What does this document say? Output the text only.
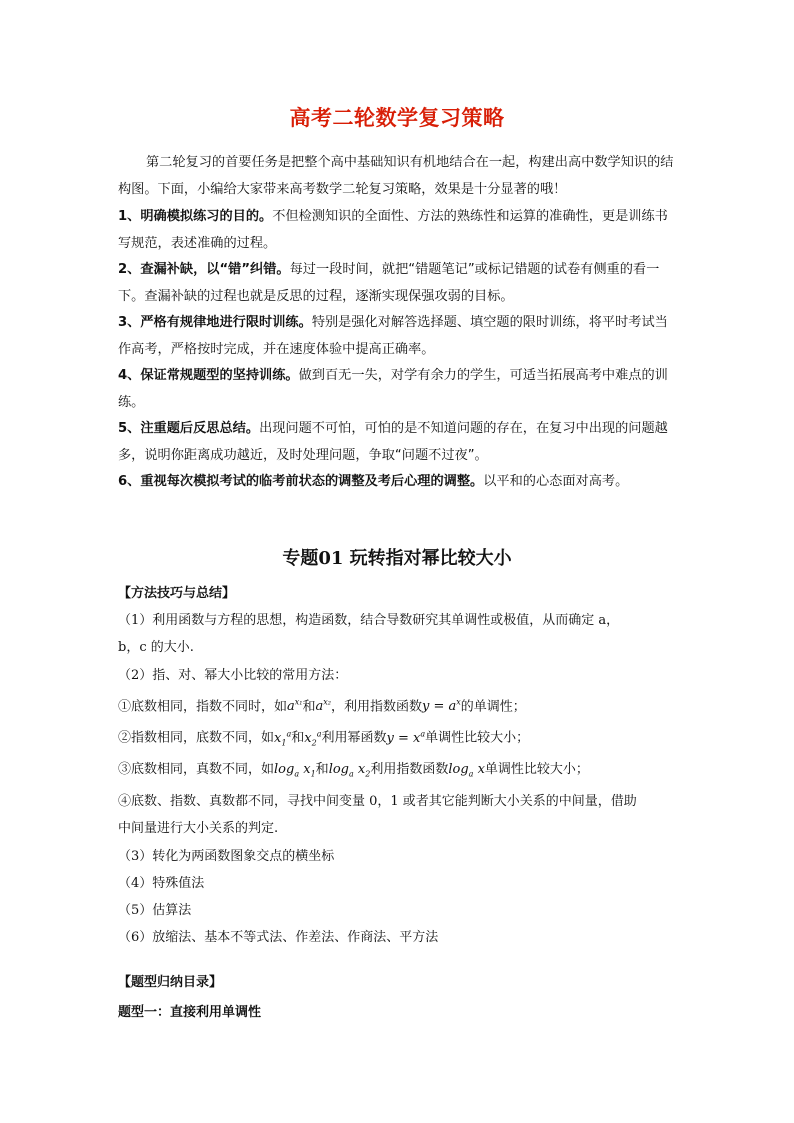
高考二轮数学复习策略

第二轮复习的首要任务是把整个高中基础知识有机地结合在一起，构建出高中数学知识的结构图。下面，小编给大家带来高考数学二轮复习策略，效果是十分显著的哦！

1、明确模拟练习的目的。不但检测知识的全面性、方法的熟练性和运算的准确性，更是训练书写规范，表述准确的过程。

2、查漏补缺，以“错”纠错。每过一段时间，就把“错题笔记”或标记错题的试卷有侧重的看一下。查漏补缺的过程也就是反思的过程，逐渐实现保强攻弱的目标。

3、严格有规律地进行限时训练。特别是强化对解答选择题、填空题的限时训练，将平时考试当作高考，严格按时完成，并在速度体验中提高正确率。

4、保证常规题型的坚持训练。做到百无一失，对学有余力的学生，可适当拓展高考中难点的训练。

5、注重题后反思总结。出现问题不可怕，可怕的是不知道问题的存在，在复习中出现的问题越多，说明你距离成功越近，及时处理问题，争取“问题不过夜”。

6、重视每次模拟考试的临考前状态的调整及考后心理的调整。以平和的心态面对高考。

专题01 玩转指对幂比较大小

【方法技巧与总结】

（1）利用函数与方程的思想，构造函数，结合导数研究其单调性或极值，从而确定 a，

b，c 的大小.

（2）指、对、幂大小比较的常用方法：

①底数相同，指数不同时，如$a^{x_1}$和$a^{x_2}$，利用指数函数$y = a^x$的单调性；

②指数相同，底数不同，如$x_1^a$和$x_2^a$利用幂函数$y = x^a$单调性比较大小；

③底数相同，真数不同，如$\log_a x_1$和$\log_a x_2$利用指数函数$\log_a x$单调性比较大小；

④底数、指数、真数都不同，寻找中间变量 0，1 或者其它能判断大小关系的中间量，借助

中间量进行大小关系的判定.

（3）转化为两函数图象交点的横坐标

（4）特殊值法

（5）估算法

（6）放缩法、基本不等式法、作差法、作商法、平方法

【题型归纳目录】

题型一：直接利用单调性
